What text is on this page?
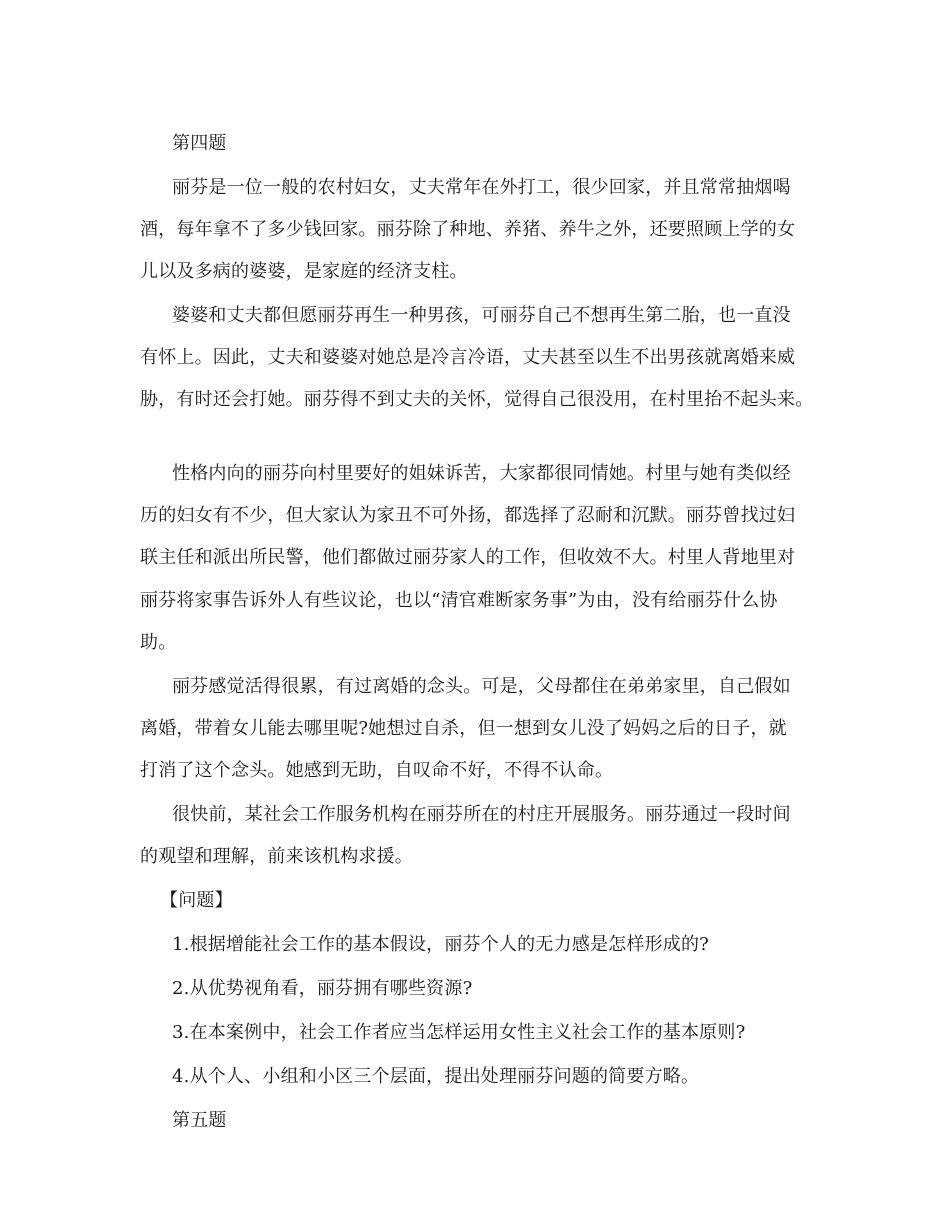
第四题
丽芬是一位一般的农村妇女，丈夫常年在外打工，很少回家，并且常常抽烟喝
酒，每年拿不了多少钱回家。丽芬除了种地、养猪、养牛之外，还要照顾上学的女
儿以及多病的婆婆，是家庭的经济支柱。
婆婆和丈夫都但愿丽芬再生一种男孩，可丽芬自己不想再生第二胎，也一直没
有怀上。因此，丈夫和婆婆对她总是冷言冷语，丈夫甚至以生不出男孩就离婚来威
胁，有时还会打她。丽芬得不到丈夫的关怀，觉得自己很没用，在村里抬不起头来。
性格内向的丽芬向村里要好的姐妹诉苦，大家都很同情她。村里与她有类似经
历的妇女有不少，但大家认为家丑不可外扬，都选择了忍耐和沉默。丽芬曾找过妇
联主任和派出所民警，他们都做过丽芬家人的工作，但收效不大。村里人背地里对
丽芬将家事告诉外人有些议论，也以“清官难断家务事”为由，没有给丽芬什么协
助。
丽芬感觉活得很累，有过离婚的念头。可是，父母都住在弟弟家里，自己假如
离婚，带着女儿能去哪里呢?她想过自杀，但一想到女儿没了妈妈之后的日子，就
打消了这个念头。她感到无助，自叹命不好，不得不认命。
很快前，某社会工作服务机构在丽芬所在的村庄开展服务。丽芬通过一段时间
的观望和理解，前来该机构求援。
【问题】
1.根据增能社会工作的基本假设，丽芬个人的无力感是怎样形成的?
2.从优势视角看，丽芬拥有哪些资源?
3.在本案例中，社会工作者应当怎样运用女性主义社会工作的基本原则?
4.从个人、小组和小区三个层面，提出处理丽芬问题的简要方略。
第五题
